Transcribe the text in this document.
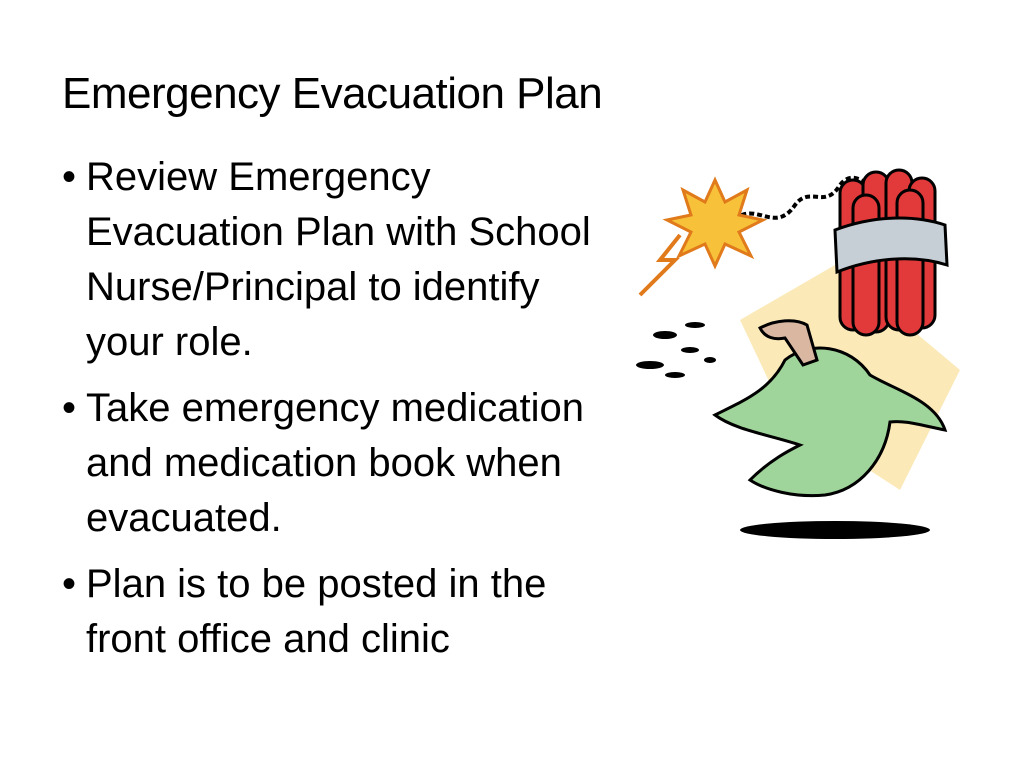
Emergency Evacuation Plan
• Review Emergency Evacuation Plan with School Nurse/Principal to identify your role.
• Take emergency medication and medication book when evacuated.
• Plan is to be posted in the front office and clinic
